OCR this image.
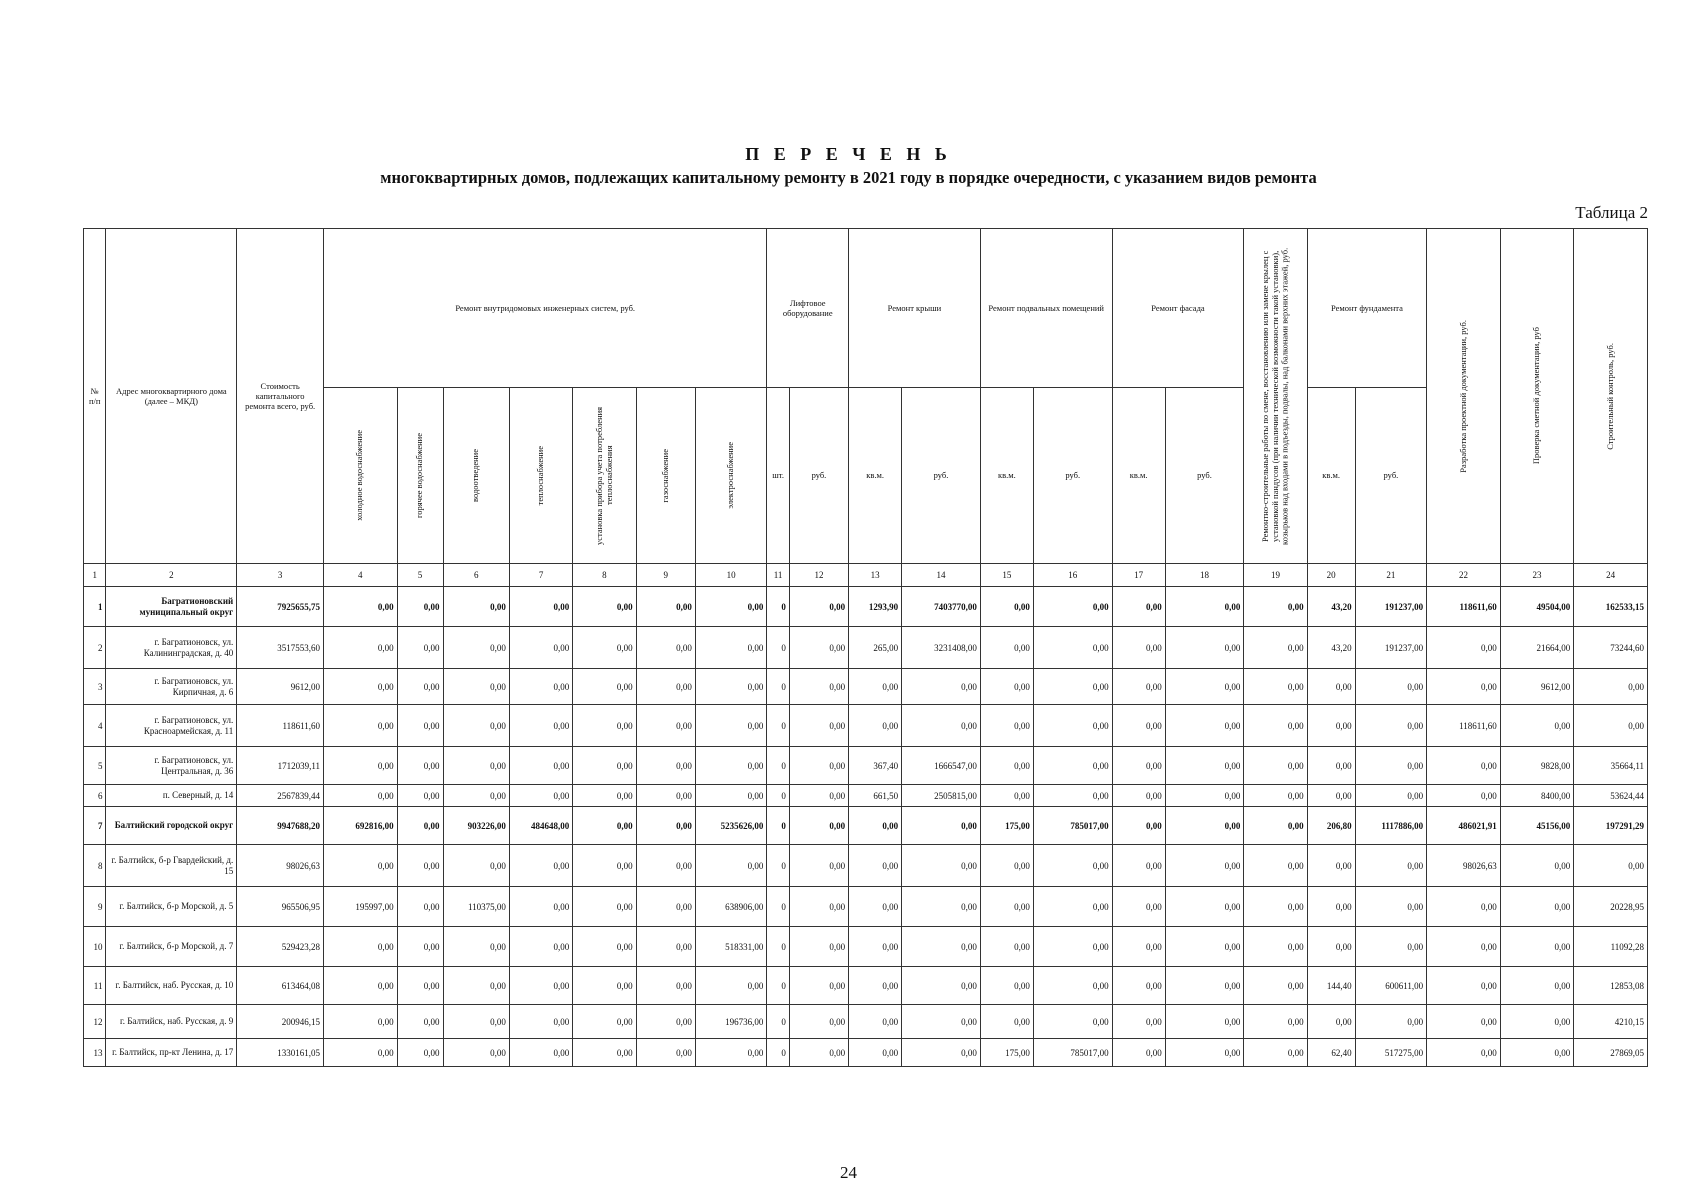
П Е Р Е Ч Е Н Ь
многоквартирных домов, подлежащих капитальному ремонту в 2021 году в порядке очередности, с указанием видов ремонта
Таблица 2
№ п/п	Адрес многоквартирного дома (далее – МКД)	Стоимость капитального ремонта всего, руб.	Ремонт внутридомовых инженерных систем, руб.							Лифтовое оборудование		Ремонт крыши		Ремонт подвальных помещений		Ремонт фасада		Ремонтно-строительные работы по смене, восстановлению или замене крылец с установкой пандусов (при наличии технической возможности такой установки), козырьков над входами в подъезды, подвалы, над балконами верхних этажей, руб.	Ремонт фундамента		Разработка проектной документации, руб.	Проверка сметной документации, руб	Строительный контроль, руб.

			холодное водоснабжение	горячее водоснабжение	водоотведение	теплоснабжение	установка прибора учета потребления теплоснабжения	газоснабжение	электроснабжение	шт.	руб.	кв.м.	руб.	кв.м.	руб.	кв.м.	руб.		кв.м.	руб.			
1	2	3	4	5	6	7	8	9	10	11	12	13	14	15	16	17	18	19	20	21	22	23	24
1	Багратионовский муниципальный округ	7925655,75	0,00	0,00	0,00	0,00	0,00	0,00	0,00	0	0,00	1293,90	7403770,00	0,00	0,00	0,00	0,00	0,00	43,20	191237,00	118611,60	49504,00	162533,15
2	г. Багратионовск, ул. Калининградская, д. 40	3517553,60	0,00	0,00	0,00	0,00	0,00	0,00	0,00	0	0,00	265,00	3231408,00	0,00	0,00	0,00	0,00	0,00	43,20	191237,00	0,00	21664,00	73244,60
3	г. Багратионовск, ул. Кирпичная, д. 6	9612,00	0,00	0,00	0,00	0,00	0,00	0,00	0,00	0	0,00	0,00	0,00	0,00	0,00	0,00	0,00	0,00	0,00	0,00	0,00	9612,00	0,00
4	г. Багратионовск, ул. Красноармейская, д. 11	118611,60	0,00	0,00	0,00	0,00	0,00	0,00	0,00	0	0,00	0,00	0,00	0,00	0,00	0,00	0,00	0,00	0,00	0,00	118611,60	0,00	0,00
5	г. Багратионовск, ул. Центральная, д. 36	1712039,11	0,00	0,00	0,00	0,00	0,00	0,00	0,00	0	0,00	367,40	1666547,00	0,00	0,00	0,00	0,00	0,00	0,00	0,00	0,00	9828,00	35664,11
6	п. Северный, д. 14	2567839,44	0,00	0,00	0,00	0,00	0,00	0,00	0,00	0	0,00	661,50	2505815,00	0,00	0,00	0,00	0,00	0,00	0,00	0,00	0,00	8400,00	53624,44
7	Балтийский городской округ	9947688,20	692816,00	0,00	903226,00	484648,00	0,00	0,00	5235626,00	0	0,00	0,00	0,00	175,00	785017,00	0,00	0,00	0,00	206,80	1117886,00	486021,91	45156,00	197291,29
8	г. Балтийск, б-р Гвардейский, д. 15	98026,63	0,00	0,00	0,00	0,00	0,00	0,00	0,00	0	0,00	0,00	0,00	0,00	0,00	0,00	0,00	0,00	0,00	0,00	98026,63	0,00	0,00
9	г. Балтийск, б-р Морской, д. 5	965506,95	195997,00	0,00	110375,00	0,00	0,00	0,00	638906,00	0	0,00	0,00	0,00	0,00	0,00	0,00	0,00	0,00	0,00	0,00	0,00	0,00	20228,95
10	г. Балтийск, б-р Морской, д. 7	529423,28	0,00	0,00	0,00	0,00	0,00	0,00	518331,00	0	0,00	0,00	0,00	0,00	0,00	0,00	0,00	0,00	0,00	0,00	0,00	0,00	11092,28
11	г. Балтийск, наб. Русская, д. 10	613464,08	0,00	0,00	0,00	0,00	0,00	0,00	0,00	0	0,00	0,00	0,00	0,00	0,00	0,00	0,00	0,00	144,40	600611,00	0,00	0,00	12853,08
12	г. Балтийск, наб. Русская, д. 9	200946,15	0,00	0,00	0,00	0,00	0,00	0,00	196736,00	0	0,00	0,00	0,00	0,00	0,00	0,00	0,00	0,00	0,00	0,00	0,00	0,00	4210,15
13	г. Балтийск, пр-кт Ленина, д. 17	1330161,05	0,00	0,00	0,00	0,00	0,00	0,00	0,00	0	0,00	0,00	0,00	175,00	785017,00	0,00	0,00	0,00	62,40	517275,00	0,00	0,00	27869,05
24
